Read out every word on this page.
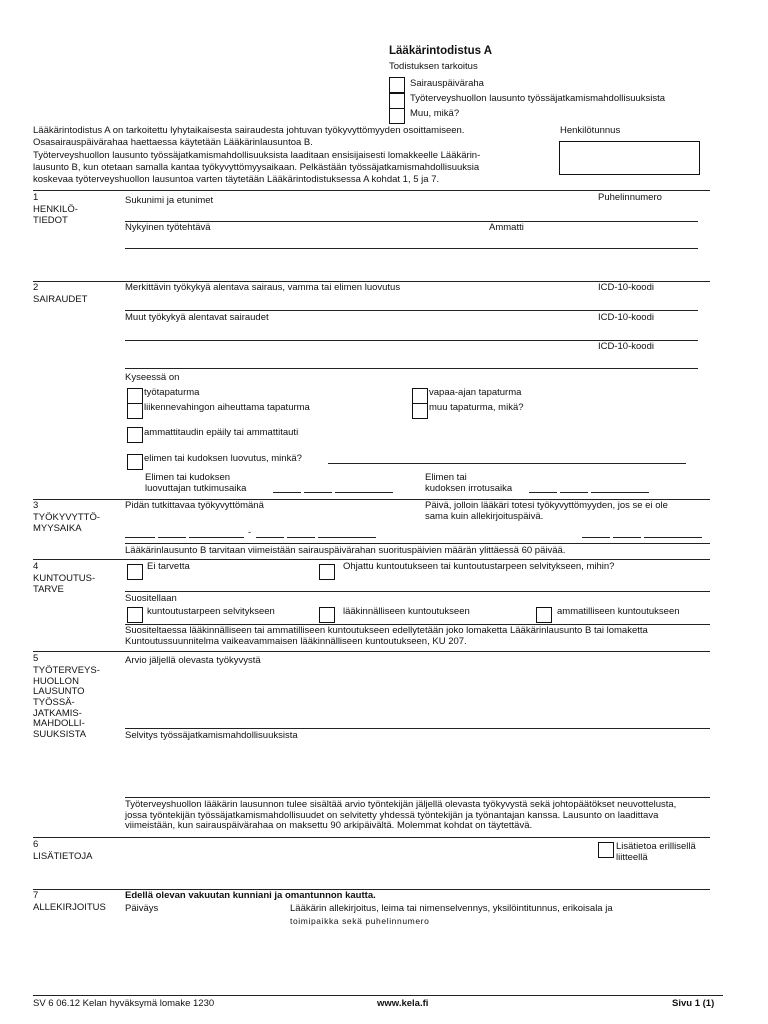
Lääkärintodistus A
Todistuksen tarkoitus
Sairauspäiväraha
Työterveyshuollon lausunto työssäjatkamismahdollisuuksista
Muu, mikä?
Lääkärintodistus A on tarkoitettu lyhytaikaisesta sairaudesta johtuvan työkyvyttömyyden osoittamiseen.
Osasairauspäivärahaa haettaessa käytetään Lääkärinlausuntoa B.
Työterveyshuollon lausunto työssäjatkamismahdollisuuksista laaditaan ensisijaisesti lomakkeelle Lääkärin-
lausunto B, kun otetaan samalla kantaa työkyvyttömyysaikaan. Pelkästään työssäjatkamismahdollisuuksia
koskevaa työterveyshuollon lausuntoa varten täytetään Lääkärintodistuksessa A kohdat 1, 5 ja 7.
Henkilötunnus
1
HENKILÖ-
TIEDOT
Sukunimi ja etunimet	Puhelinnumero
Nykyinen työtehtävä	Ammatti
2
SAIRAUDET
Merkittävin työkykyä alentava sairaus, vamma tai elimen luovutus	ICD-10-koodi
Muut työkykyä alentavat sairaudet	ICD-10-koodi
ICD-10-koodi
Kyseessä on
työtapaturma
liikennevahingon aiheuttama tapaturma
vapaa-ajan tapaturma
muu tapaturma, mikä?
ammattitaudin epäily tai ammattitauti
elimen tai kudoksen luovutus, minkä?
Elimen tai kudoksen
luovuttajan tutkimusaika
Elimen tai
kudoksen irrotusaika
3
TYÖKYVYTTÖ-
MYYSAIKA
Pidän tutkittavaa työkyvyttömänä	Päivä, jolloin lääkäri totesi työkyvyttömyyden, jos se ei ole
sama kuin allekirjoituspäivä.
-
Lääkärinlausunto B tarvitaan viimeistään sairauspäivärahan suorituspäivien määrän ylittäessä 60 päivää.
4
KUNTOUTUS-
TARVE
Ei tarvetta	Ohjattu kuntoutukseen tai kuntoutustarpeen selvitykseen, mihin?
Suositellaan
kuntoutustarpeen selvitykseen	lääkinnälliseen kuntoutukseen	ammatilliseen kuntoutukseen
Suositeltaessa lääkinnälliseen tai ammatilliseen kuntoutukseen edellytetään joko lomaketta Lääkärinlausunto B tai lomaketta
Kuntoutussuunnitelma vaikeavammaisen lääkinnälliseen kuntoutukseen, KU 207.
5
TYÖTERVEYS-
HUOLLON
LAUSUNTO
TYÖSSÄ-
JATKAMIS-
MAHDOLLI-
SUUKSISTA
Arvio jäljellä olevasta työkyvystä
Selvitys työssäjatkamismahdollisuuksista
Työterveyshuollon lääkärin lausunnon tulee sisältää arvio työntekijän jäljellä olevasta työkyvystä sekä johtopäätökset neuvottelusta,
jossa työntekijän työssäjatkamismahdollisuudet on selvitetty yhdessä työntekijän ja työnantajan kanssa. Lausunto on laadittava
viimeistään, kun sairauspäivärahaa on maksettu 90 arkipäivältä. Molemmat kohdat on täytettävä.
6
LISÄTIETOJA
Lisätietoa erillisellä
liitteellä
7
ALLEKIRJOITUS
Edellä olevan vakuutan kunniani ja omantunnon kautta.
Päiväys	Lääkärin allekirjoitus, leima tai nimenselvennys, yksilöintitunnus, erikoisala ja
toimipaikka sekä puhelinnumero
SV 6 06.12 Kelan hyväksymä lomake 1230	www.kela.fi	Sivu 1 (1)
